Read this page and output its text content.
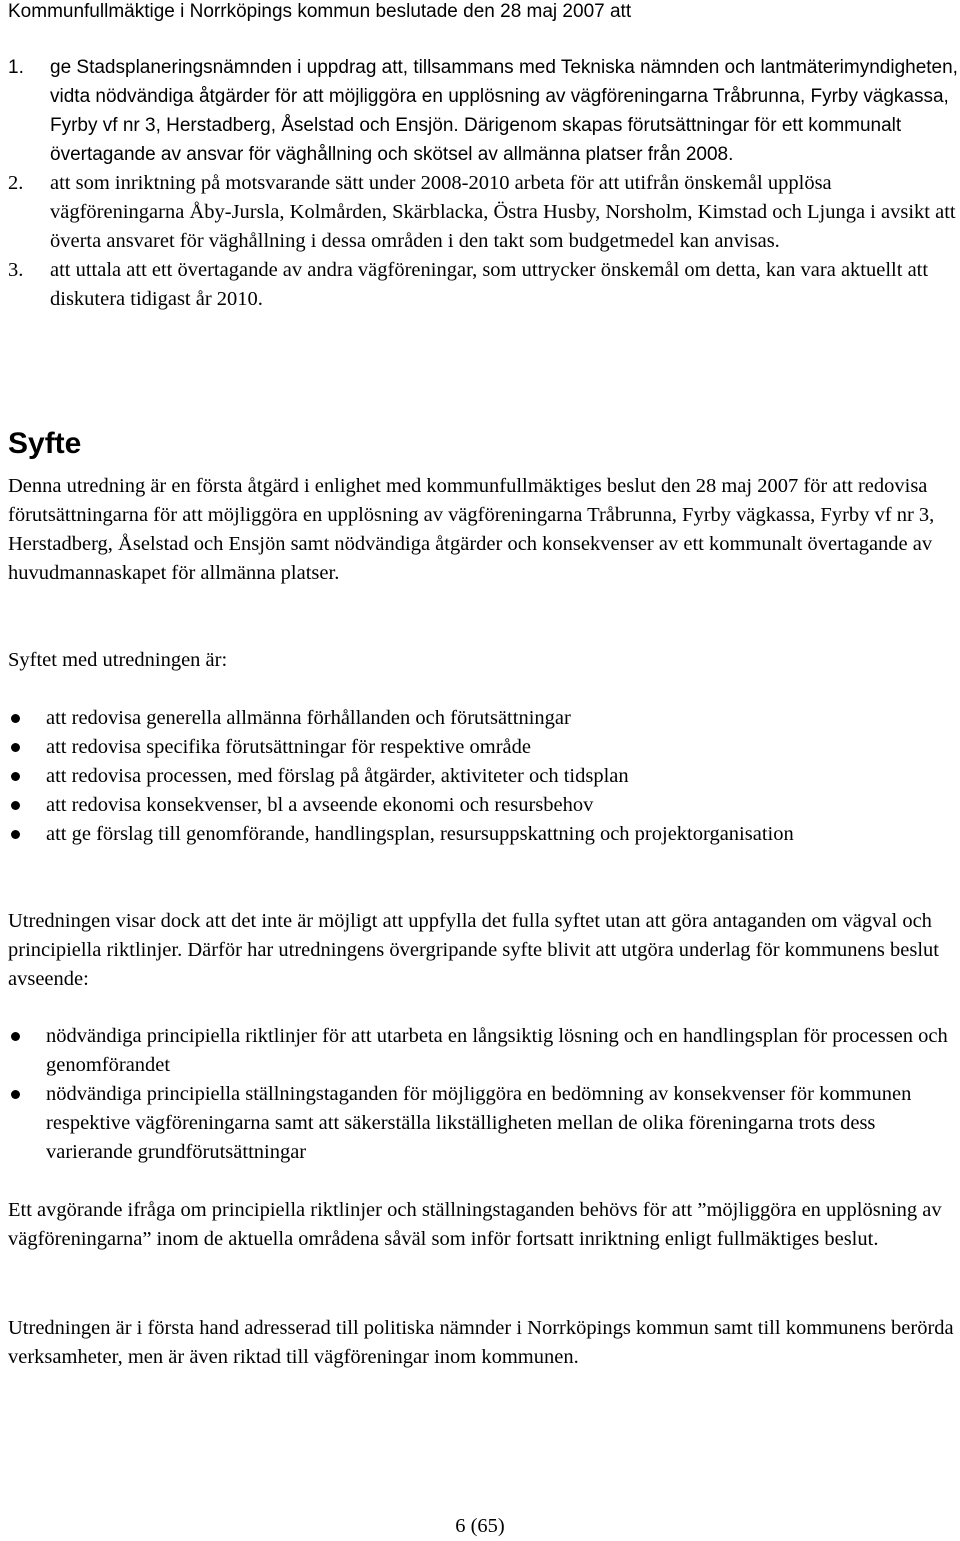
Kommunfullmäktige i Norrköpings kommun beslutade den 28 maj 2007 att
1.	ge Stadsplaneringsnämnden i uppdrag att, tillsammans med Tekniska nämnden och lantmäterimyndigheten, vidta nödvändiga åtgärder för att möjliggöra en upplösning av vägföreningarna Tråbrunna, Fyrby vägkassa, Fyrby vf nr 3, Herstadberg, Åselstad och Ensjön. Därigenom skapas förutsättningar för ett kommunalt övertagande av ansvar för väghållning och skötsel av allmänna platser från 2008.
2.	att som inriktning på motsvarande sätt under 2008-2010 arbeta för att utifrån önskemål upplösa vägföreningarna Åby-Jursla, Kolmården, Skärblacka, Östra Husby, Norsholm, Kimstad och Ljunga i avsikt att överta ansvaret för väghållning i dessa områden i den takt som budgetmedel kan anvisas.
3.	att uttala att ett övertagande av andra vägföreningar, som uttrycker önskemål om detta, kan vara aktuellt att diskutera tidigast år 2010.
Syfte

Denna utredning är en första åtgärd i enlighet med kommunfullmäktiges beslut den 28 maj 2007 för att redovisa förutsättningarna för att möjliggöra en upplösning av vägföreningarna Tråbrunna, Fyrby vägkassa, Fyrby vf nr 3, Herstadberg, Åselstad och Ensjön samt nödvändiga åtgärder och konsekvenser av ett kommunalt övertagande av huvudmannaskapet för allmänna platser.

Syftet med utredningen är:

att redovisa generella allmänna förhållanden och förutsättningar
att redovisa specifika förutsättningar för respektive område
att redovisa processen, med förslag på åtgärder, aktiviteter och tidsplan
att redovisa konsekvenser, bl a avseende ekonomi och resursbehov
att ge förslag till genomförande, handlingsplan, resursuppskattning och projektorganisation

Utredningen visar dock att det inte är möjligt att uppfylla det fulla syftet utan att göra antaganden om vägval och principiella riktlinjer. Därför har utredningens övergripande syfte blivit att utgöra underlag för kommunens beslut avseende:

nödvändiga principiella riktlinjer för att utarbeta en långsiktig lösning och en handlingsplan för processen och genomförandet
nödvändiga principiella ställningstaganden för möjliggöra en bedömning av konsekvenser för kommunen respektive vägföreningarna samt att säkerställa likställigheten mellan de olika föreningarna trots dess varierande grundförutsättningar

Ett avgörande ifråga om principiella riktlinjer och ställningstaganden behövs för att ”möjliggöra en upplösning av vägföreningarna” inom de aktuella områdena såväl som inför fortsatt inriktning enligt fullmäktiges beslut.

Utredningen är i första hand adresserad till politiska nämnder i Norrköpings kommun samt till kommunens berörda verksamheter, men är även riktad till vägföreningar inom kommunen.

6 (65)
